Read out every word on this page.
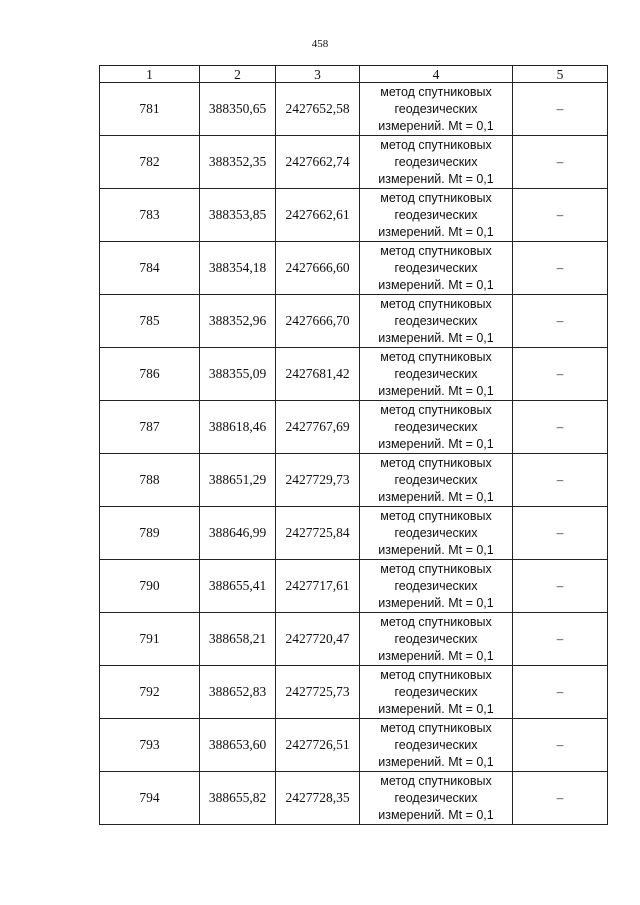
458
1	2	3	4	5
781	388350,65	2427652,58	метод спутниковых
геодезических
измерений. Mt = 0,1	–
782	388352,35	2427662,74	метод спутниковых
геодезических
измерений. Mt = 0,1	–
783	388353,85	2427662,61	метод спутниковых
геодезических
измерений. Mt = 0,1	–
784	388354,18	2427666,60	метод спутниковых
геодезических
измерений. Mt = 0,1	–
785	388352,96	2427666,70	метод спутниковых
геодезических
измерений. Mt = 0,1	–
786	388355,09	2427681,42	метод спутниковых
геодезических
измерений. Mt = 0,1	–
787	388618,46	2427767,69	метод спутниковых
геодезических
измерений. Mt = 0,1	–
788	388651,29	2427729,73	метод спутниковых
геодезических
измерений. Mt = 0,1	–
789	388646,99	2427725,84	метод спутниковых
геодезических
измерений. Mt = 0,1	–
790	388655,41	2427717,61	метод спутниковых
геодезических
измерений. Mt = 0,1	–
791	388658,21	2427720,47	метод спутниковых
геодезических
измерений. Mt = 0,1	–
792	388652,83	2427725,73	метод спутниковых
геодезических
измерений. Mt = 0,1	–
793	388653,60	2427726,51	метод спутниковых
геодезических
измерений. Mt = 0,1	–
794	388655,82	2427728,35	метод спутниковых
геодезических
измерений. Mt = 0,1	–
